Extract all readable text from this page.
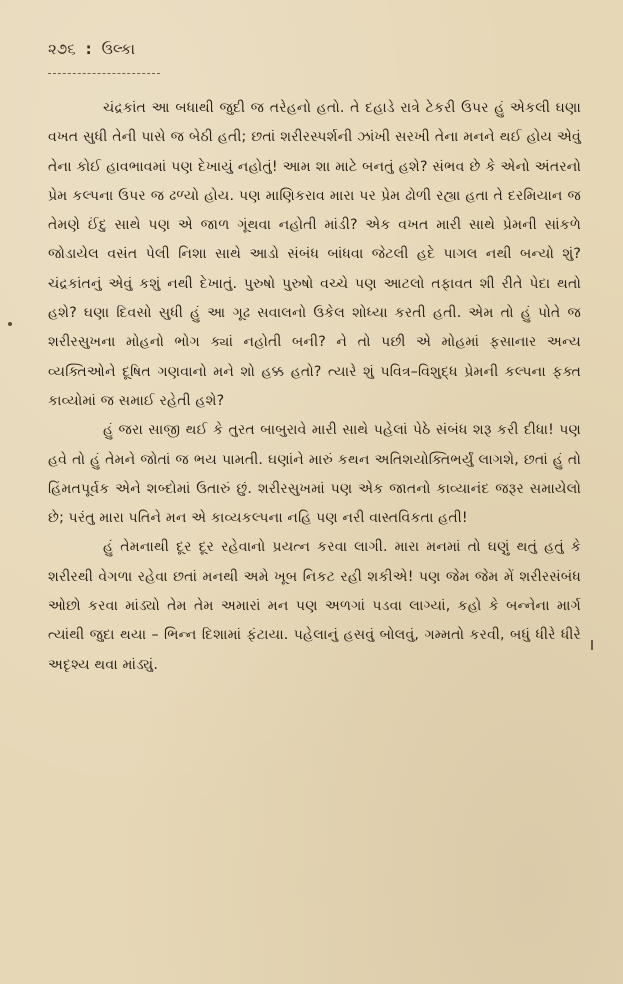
૨૭૬ : ઉલ્કા

ચંદ્રકાંત આ બધાથી જુદી જ તરેહનો હતો. તે દહાડે રાત્રે ટેકરી ઉપર હું એકલી ઘણા વખત સુધી તેની પાસે જ બેઠી હતી; છતાં શરીરસ્પર્શની ઝાંખી સરખી તેના મનને થઈ હોય એવું તેના કોઈ હાવભાવમાં પણ દેખાયું નહોતું! આમ શા માટે બનતું હશે? સંભવ છે કે એનો અંતરનો પ્રેમ કલ્પના ઉપર જ ઢળ્યો હોય. પણ માણિકરાવ મારા પર પ્રેમ ઢોળી રહ્યા હતા તે દરમિયાન જ તેમણે ઈંદુ સાથે પણ એ જાળ ગૂંથવા નહોતી માંડી? એક વખત મારી સાથે પ્રેમની સાંકળે જોડાયેલ વસંત પેલી નિશા સાથે આડો સંબંધ બાંધવા જેટલી હદે પાગલ નથી બન્યો શું? ચંદ્રકાંતનું એવું કશું નથી દેખાતું. પુરુષો પુરુષો વચ્ચે પણ આટલો તફાવત શી રીતે પેદા થતો હશે? ઘણા દિવસો સુધી હું આ ગૂઢ સવાલનો ઉકેલ શોધ્યા કરતી હતી. એમ તો હું પોતે જ શરીરસુખના મોહનો ભોગ ક્યાં નહોતી બની? ને તો પછી એ મોહમાં ફસાનાર અન્ય વ્યક્તિઓને દૂષિત ગણવાનો મને શો હક્ક હતો? ત્યારે શું પવિત્ર–વિશુદ્ધ પ્રેમની કલ્પના ફક્ત કાવ્યોમાં જ સમાઈ રહેતી હશે?

હું જરા સાજી થઈ કે તુરત બાબુરાવે મારી સાથે પહેલાં પેઠે સંબંધ શરૂ કરી દીધા! પણ હવે તો હું તેમને જોતાં જ ભય પામતી. ઘણાંને મારું કથન અતિશયોક્તિભર્યું લાગશે, છતાં હું તો હિંમતપૂર્વક એને શબ્દોમાં ઉતારું છું. શરીરસુખમાં પણ એક જાતનો કાવ્યાનંદ જરૂર સમાયેલો છે; પરંતુ મારા પતિને મન એ કાવ્યકલ્પના નહિ પણ નરી વાસ્તવિકતા હતી!

હું તેમનાથી દૂર દૂર રહેવાનો પ્રયત્ન કરવા લાગી. મારા મનમાં તો ઘણું થતું હતું કે શરીરથી વેગળા રહેવા છતાં મનથી અમે ખૂબ નિકટ રહી શકીએ! પણ જેમ જેમ મેં શરીરસંબંધ ઓછો કરવા માંડ્યો તેમ તેમ અમારાં મન પણ અળગાં પડવા લાગ્યાં, કહો કે બન્નેના માર્ગ ત્યાંથી જુદા થયા – ભિન્ન દિશામાં ફંટાયા. પહેલાનું હસવું બોલવું, ગમ્મતો કરવી, બધું ધીરે ધીરે અદૃશ્ય થવા માંડ્યું.
